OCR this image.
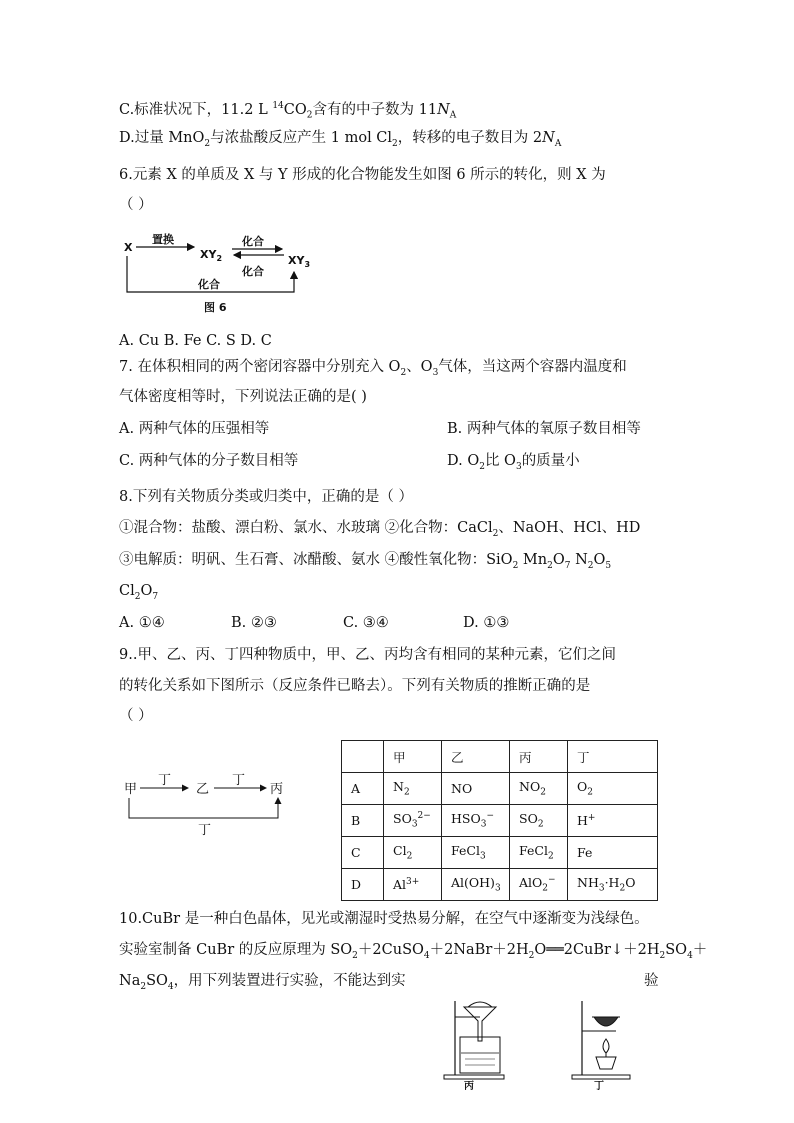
C.标准状况下，11.2 L $^{14}CO_2$含有的中子数为 $11N_A$
D.过量 MnO$_2$与浓盐酸反应产生 1 mol $Cl_2$，转移的电子数目为 $2N_A$
6.元素 X 的单质及 X 与 Y 形成的化合物能发生如图 6 所示的转化，则 X 为
（ ）
X
置换
$XY_2$
化合
化合
$XY_3$
化合
图 6
A. Cu B. Fe C. S D. C
7. 在体积相同的两个密闭容器中分别充入 $O_2$、$O_3$气体，当这两个容器内温度和
气体密度相等时，下列说法正确的是( )
A. 两种气体的压强相等	B. 两种气体的氧原子数目相等
C. 两种气体的分子数目相等	D. $O_2$比 $O_3$的质量小
8.下列有关物质分类或归类中，正确的是（ ）
①混合物：盐酸、漂白粉、氯水、水玻璃 ②化合物：CaCl$_2$、NaOH、HCl、HD
③电解质：明矾、生石膏、冰醋酸、氨水 ④酸性氧化物：SiO$_2$ $Mn_2O_7$ $N_2O_5$
$Cl_2O_7$
A. ①④	B. ②③	C. ③④	D. ①③
9..甲、乙、丙、丁四种物质中，甲、乙、丙均含有相同的某种元素，它们之间
的转化关系如下图所示（反应条件已略去）。下列有关物质的推断正确的是
（ ）
甲
丁
乙
丁
丙
丁
	甲	乙	丙	丁
A	$N_2$	NO	$NO_2$	$O_2$
B	$SO_3^{2-}$	$HSO_3^-$	$SO_2$	H+
C	$Cl_2$	FeCl$_3$	FeCl$_2$	Fe
D	$Al^{3+}$	$Al(OH)_3$	AlO$_2$−	$NH_3\cdot H_2O$
10.CuBr 是一种白色晶体，见光或潮湿时受热易分解，在空气中逐渐变为浅绿色。
实验室制备 CuBr 的反应原理为 $SO_2+2CuSO_4+2NaBr+2H_2O══2CuBr↓+2H_2SO_4+$
$Na_2SO_4$，用下列装置进行实验，不能达到实	验
丙	丁
